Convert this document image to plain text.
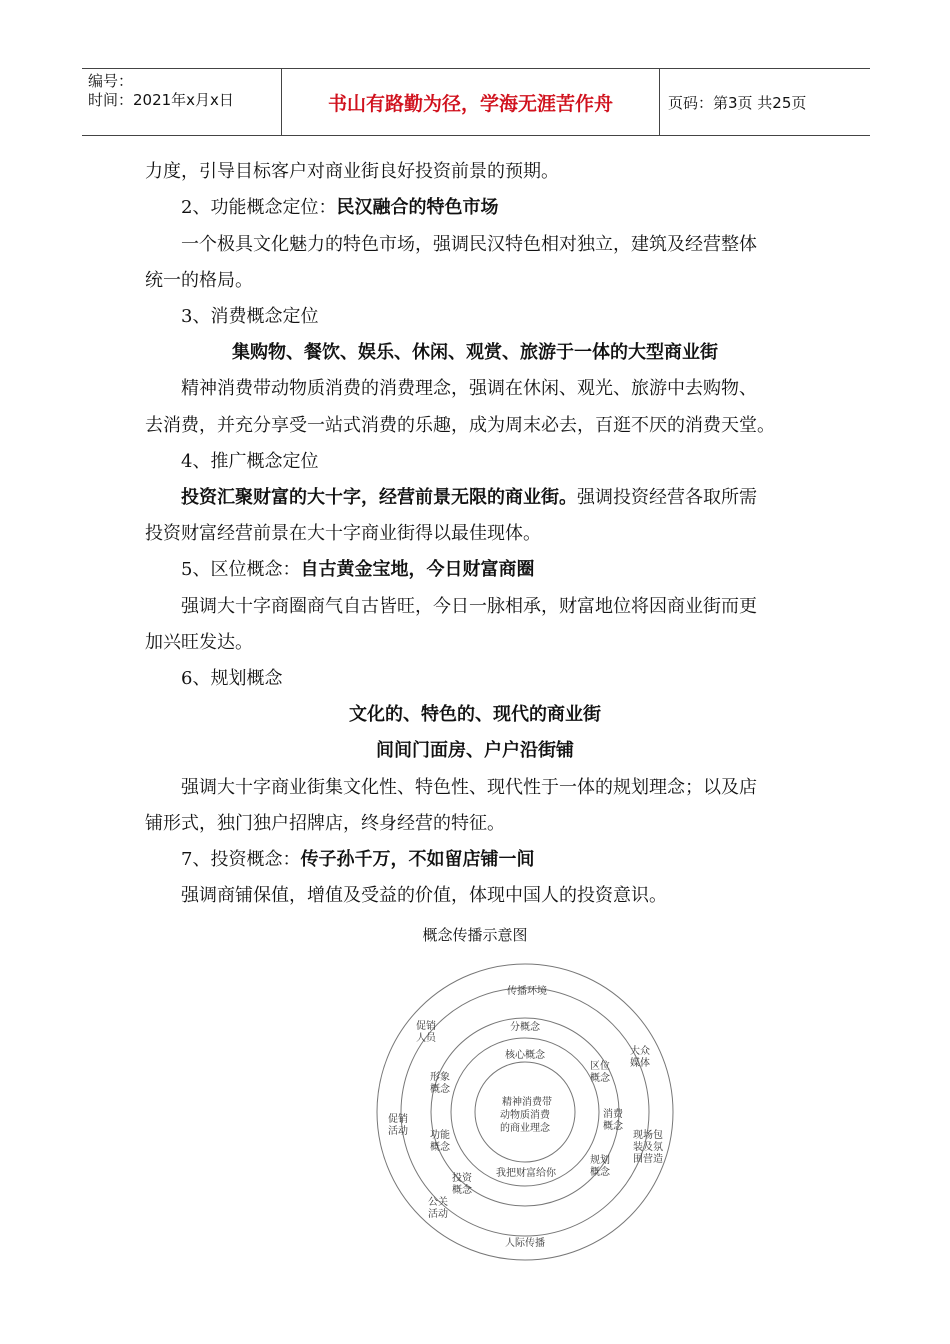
编号：
时间：2021年x月x日	书山有路勤为径，学海无涯苦作舟	页码：第3页 共25页
力度，引导目标客户对商业街良好投资前景的预期。
2、功能概念定位：民汉融合的特色市场
一个极具文化魅力的特色市场，强调民汉特色相对独立，建筑及经营整体
统一的格局。
3、消费概念定位
集购物、餐饮、娱乐、休闲、观赏、旅游于一体的大型商业街
精神消费带动物质消费的消费理念，强调在休闲、观光、旅游中去购物、
去消费，并充分享受一站式消费的乐趣，成为周末必去，百逛不厌的消费天堂。
4、推广概念定位
投资汇聚财富的大十字，经营前景无限的商业街。强调投资经营各取所需
投资财富经营前景在大十字商业街得以最佳现体。
5、区位概念：自古黄金宝地，今日财富商圈
强调大十字商圈商气自古皆旺，今日一脉相承，财富地位将因商业街而更
加兴旺发达。
6、规划概念
文化的、特色的、现代的商业街
间间门面房、户户沿街铺
强调大十字商业街集文化性、特色性、现代性于一体的规划理念；以及店
铺形式，独门独户招牌店，终身经营的特征。
7、投资概念：传子孙千万，不如留店铺一间
强调商铺保值，增值及受益的价值，体现中国人的投资意识。
概念传播示意图
传播环境
人际传播
促销
人员
促销
活动
公关
活动
大众
媒体
现场包
装及氛
围营造
分概念
形象
概念
功能
概念
投资
概念
区位
概念
消费
概念
规划
概念
核心概念
我把财富给你
精神消费带
动物质消费
的商业理念
